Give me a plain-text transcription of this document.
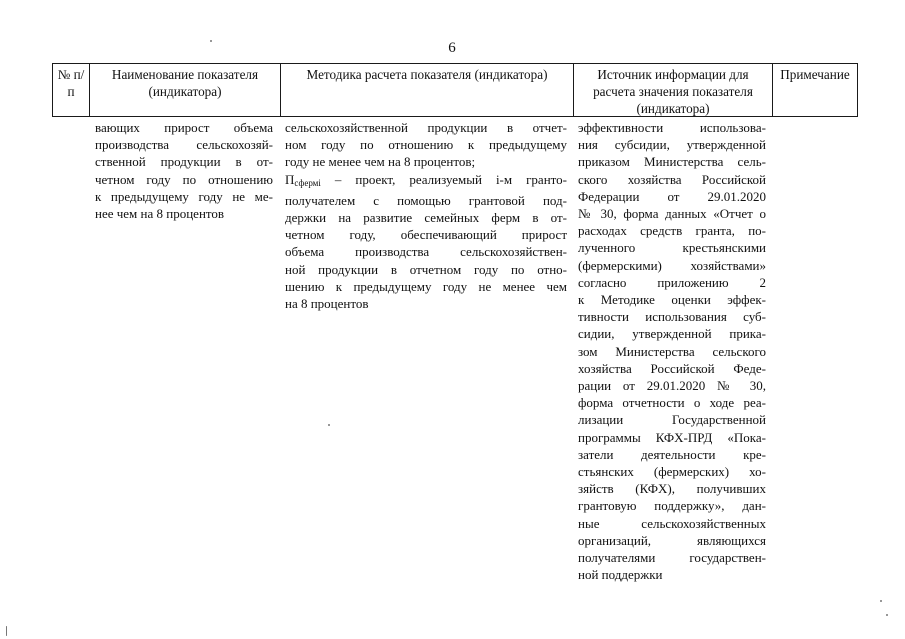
6
№ п/п
Наименование показателя (индикатора)
Методика расчета показателя (индикатора)	Источник информации для расчета значения показателя (индикатора)
Примечание
вающих прирост объема
производства сельскохозяй-
ственной продукции в от-
четном году по отношению
к предыдущему году не ме-
нее чем на 8 процентов
сельскохозяйственной продукции в отчет-
ном году по отношению к предыдущему
году не менее чем на 8 процентов;
$П_{сфермі}$ – проект, реализуемый і-м гранто-
получателем с помощью грантовой под-
держки на развитие семейных ферм в от-
четном году, обеспечивающий прирост
объема производства сельскохозяйствен-
ной продукции в отчетном году по отно-
шению к предыдущему году не менее чем
на 8 процентов
эффективности использова-
ния субсидии, утвержденной
приказом Министерства сель-
ского хозяйства Российской
Федерации от 29.01.2020
№ 30, форма данных «Отчет о
расходах средств гранта, по-
лученного крестьянскими
(фермерскими) хозяйствами»
согласно приложению 2
к Методике оценки эффек-
тивности использования суб-
сидии, утвержденной прика-
зом Министерства сельского
хозяйства Российской Феде-
рации от 29.01.2020 № 30,
форма отчетности о ходе реа-
лизации Государственной
программы КФХ-ПРД «Пока-
затели деятельности кре-
стьянских (фермерских) хо-
зяйств (КФХ), получивших
грантовую поддержку», дан-
ные сельскохозяйственных
организаций, являющихся
получателями государствен-
ной поддержки
